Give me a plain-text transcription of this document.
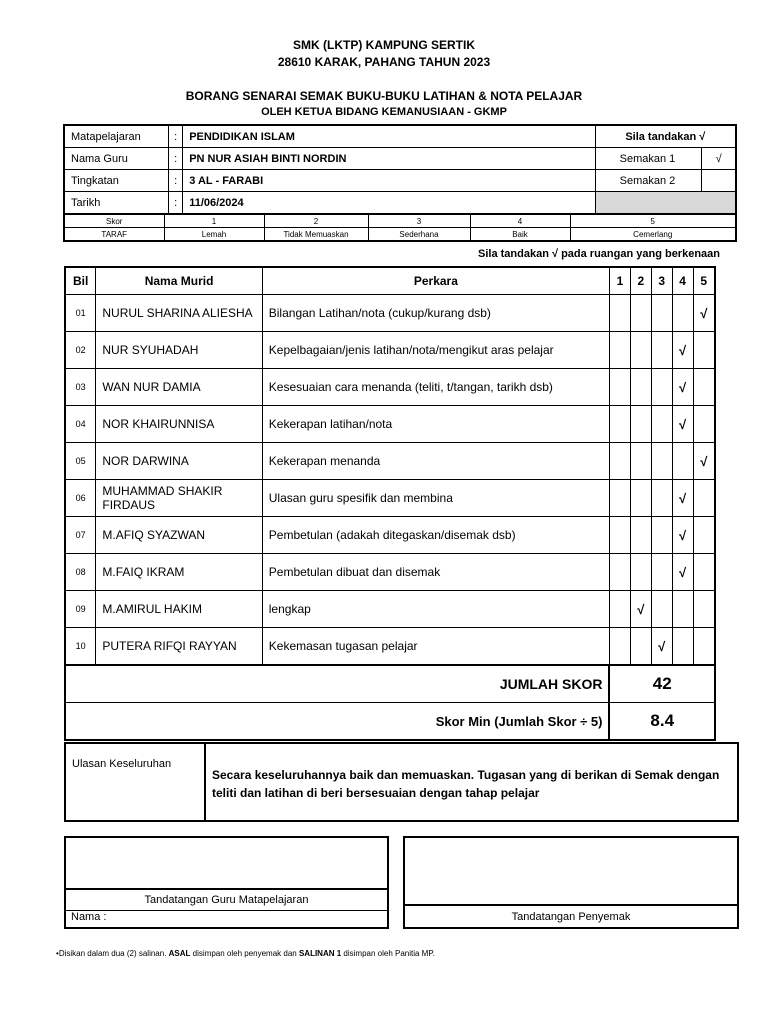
SMK (LKTP) KAMPUNG SERTIK
28610 KARAK, PAHANG TAHUN 2023
BORANG SENARAI SEMAK BUKU-BUKU LATIHAN & NOTA PELAJAR
OLEH KETUA BIDANG KEMANUSIAAN - GKMP
Matapelajaran	:	PENDIDIKAN ISLAM	Sila tandakan √	
Nama Guru	:	PN NUR ASIAH BINTI NORDIN	Semakan 1	√
Tingkatan	:	3 AL - FARABI	Semakan 2	
Tarikh	:	11/06/2024		
Skor	1	2	3	4	5
TARAF	Lemah	Tidak Memuaskan	Sederhana	Baik	Cemerlang
Sila tandakan √ pada ruangan yang berkenaan
Bil	Nama Murid	Perkara	1	2	3	4	5
01	NURUL SHARINA ALIESHA	Bilangan Latihan/nota (cukup/kurang dsb)					√
02	NUR SYUHADAH	Kepelbagaian/jenis latihan/nota/mengikut aras pelajar				√	
03	WAN NUR DAMIA	Kesesuaian cara menanda (teliti, t/tangan, tarikh dsb)				√	
04	NOR KHAIRUNNISA	Kekerapan latihan/nota				√	
05	NOR DARWINA	Kekerapan menanda					√
06	MUHAMMAD SHAKIR FIRDAUS	Ulasan guru spesifik dan membina				√	
07	M.AFIQ SYAZWAN	Pembetulan (adakah ditegaskan/disemak dsb)				√	
08	M.FAIQ IKRAM	Pembetulan dibuat dan disemak				√	
09	M.AMIRUL HAKIM	lengkap		√			
10	PUTERA RIFQI RAYYAN	Kekemasan tugasan pelajar			√		
JUMLAH SKOR			42				
Skor Min (Jumlah Skor ÷ 5)			8.4				
Ulasan Keseluruhan
Secara keseluruhannya baik dan memuaskan. Tugasan yang di berikan di Semak dengan teliti dan latihan di beri bersesuaian dengan tahap pelajar
Tandatangan Guru Matapelajaran
Nama :	Tandatangan Penyemak
•Disikan dalam dua (2) salinan. ASAL disimpan oleh penyemak dan SALINAN 1 disimpan oleh Panitia MP.
